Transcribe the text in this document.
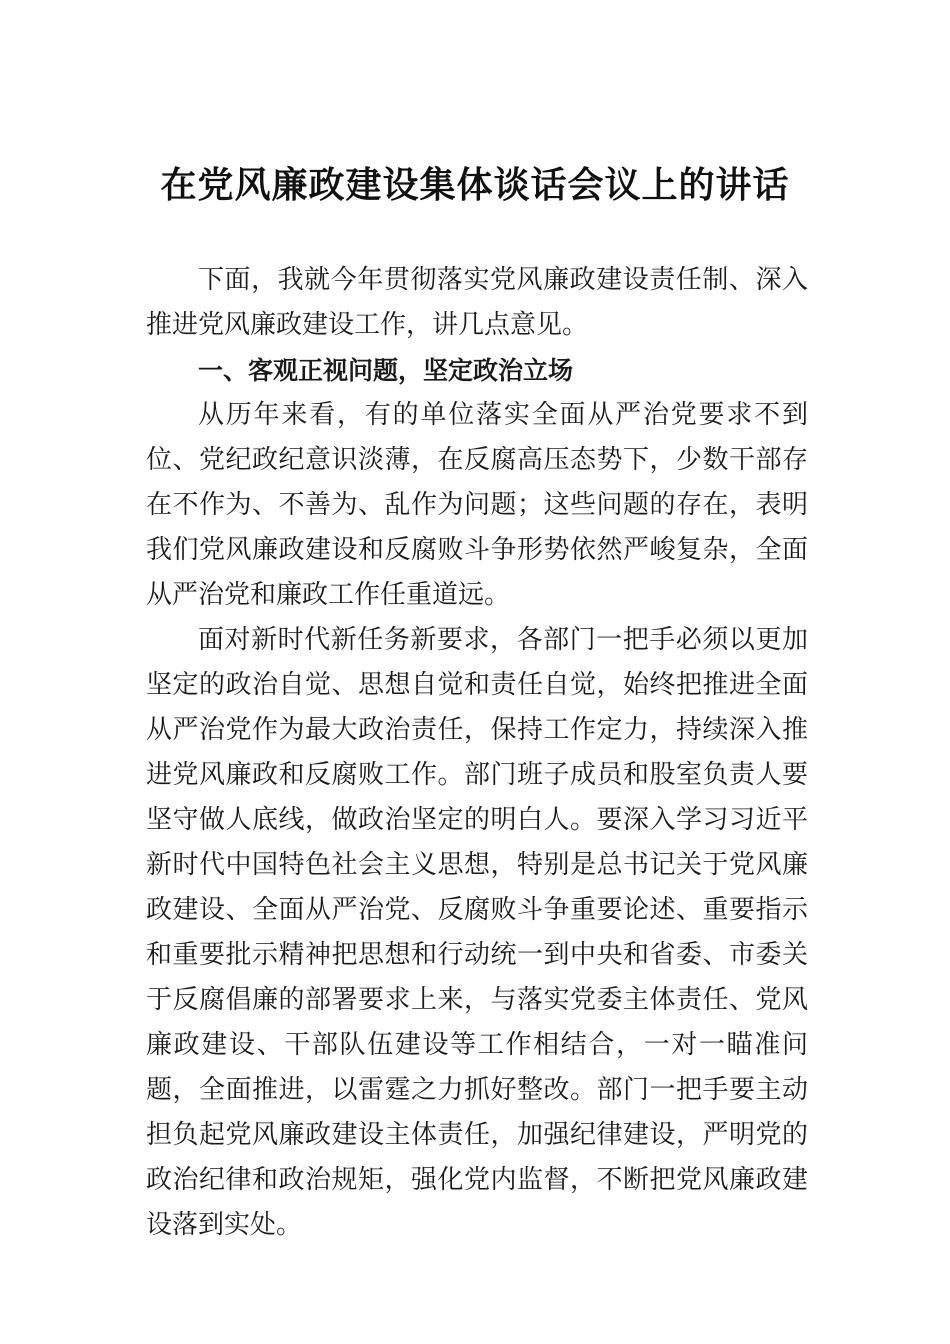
在党风廉政建设集体谈话会议上的讲话

下面，我就今年贯彻落实党风廉政建设责任制、深入推进党风廉政建设工作，讲几点意见。

一、客观正视问题，坚定政治立场

从历年来看，有的单位落实全面从严治党要求不到位、党纪政纪意识淡薄，在反腐高压态势下，少数干部存在不作为、不善为、乱作为问题；这些问题的存在，表明我们党风廉政建设和反腐败斗争形势依然严峻复杂，全面从严治党和廉政工作任重道远。

面对新时代新任务新要求，各部门一把手必须以更加坚定的政治自觉、思想自觉和责任自觉，始终把推进全面从严治党作为最大政治责任，保持工作定力，持续深入推进党风廉政和反腐败工作。部门班子成员和股室负责人要坚守做人底线，做政治坚定的明白人。要深入学习习近平新时代中国特色社会主义思想，特别是总书记关于党风廉政建设、全面从严治党、反腐败斗争重要论述、重要指示和重要批示精神把思想和行动统一到中央和省委、市委关于反腐倡廉的部署要求上来，与落实党委主体责任、党风廉政建设、干部队伍建设等工作相结合，一对一瞄准问题，全面推进，以雷霆之力抓好整改。部门一把手要主动担负起党风廉政建设主体责任，加强纪律建设，严明党的政治纪律和政治规矩，强化党内监督，不断把党风廉政建设落到实处。
